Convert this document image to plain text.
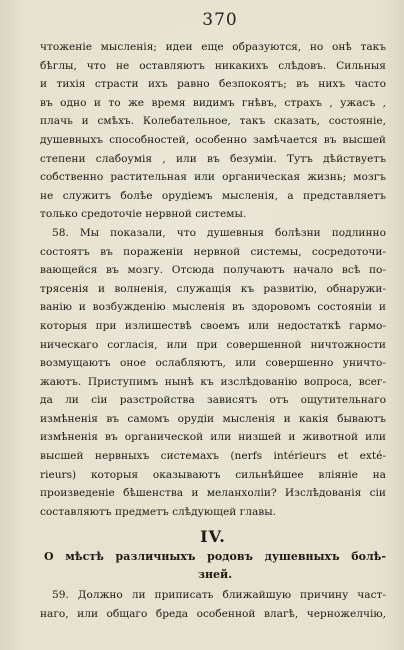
370
чтоженіе мысленія; идеи еще образуются, но онѣ такъ
бѣглы, что не оставляютъ никакихъ слѣдовъ. Сильныя
и тихія страсти ихъ равно безпокоятъ; въ нихъ часто
въ одно и то же время видимъ гнѣвъ, страхъ , ужасъ ,
плачь и смѣхъ. Колебательное, такъ сказать, состояніе,
душевныхъ способностей, особенно замѣчается въ высшей
степени слабоумія , или въ безуміи. Тутъ дѣйствуетъ
собственно растительная или органическая жизнь; мозгъ
не служитъ болѣе орудіемъ мысленія, а представляетъ
только средоточіе нервной системы.
58. Мы показали, что душевныя болѣзни подлинно
состоятъ въ пораженіи нервной системы, сосредоточи-
вающейся въ мозгу. Отсюда получаютъ начало всѣ по-
трясенія и волненія, служащія къ развитію, обнаружи-
ванію и возбужденію мысленія въ здоровомъ состояніи и
которыя при излишествѣ своемъ или недостаткѣ гармо-
ническаго согласія, или при совершенной ничтожности
возмущаютъ оное ослабляютъ, или совершенно уничто-
жаютъ. Приступимъ нынѣ къ изслѣдованію вопроса, всег-
да ли сіи разстройства зависятъ отъ ощутительнаго
измѣненія въ самомъ орудіи мысленія и какія бываютъ
измѣненія въ органической или низшей и животной или
высшей нервныхъ системахъ (nerfs intérieurs et exté-
rieurs) которыя оказываютъ сильнѣйшее вліяніе на
произведеніе бѣшенства и меланхоліи? Изслѣдованія сіи
составляютъ предметъ слѣдующей главы.
IV.
О мѣстѣ различныхъ родовъ душевныхъ болѣ-
зней.
59. Должно ли приписать ближайшую причину част-
наго, или общаго бреда особенной влагѣ, черножелчію,
